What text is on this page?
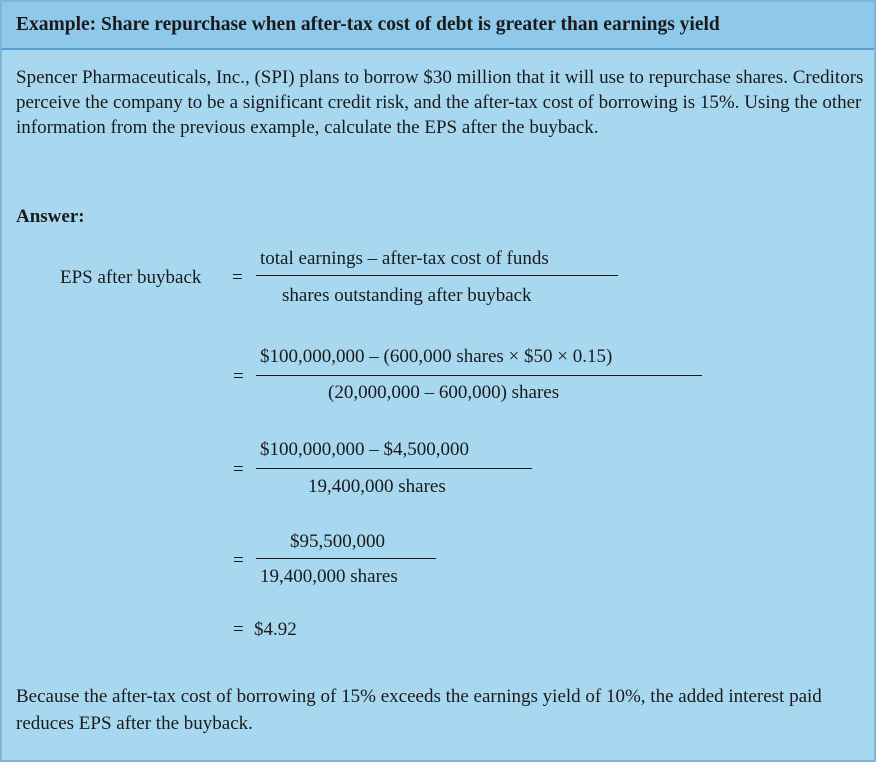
Example: Share repurchase when after-tax cost of debt is greater than earnings yield

Spencer Pharmaceuticals, Inc., (SPI) plans to borrow $30 million that it will use to repurchase shares. Creditors perceive the company to be a significant credit risk, and the after-tax cost of borrowing is 15%. Using the other information from the previous example, calculate the EPS after the buyback.

Answer:
EPS after buyback =
total earnings – after-tax cost of funds
shares outstanding after buyback
=
$100,000,000 – (600,000 shares × $50 × 0.15)
(20,000,000 – 600,000) shares
=
$100,000,000 – $4,500,000
19,400,000 shares
=
$95,500,000
19,400,000 shares
= $4.92

Because the after-tax cost of borrowing of 15% exceeds the earnings yield of 10%, the added interest paid reduces EPS after the buyback.
